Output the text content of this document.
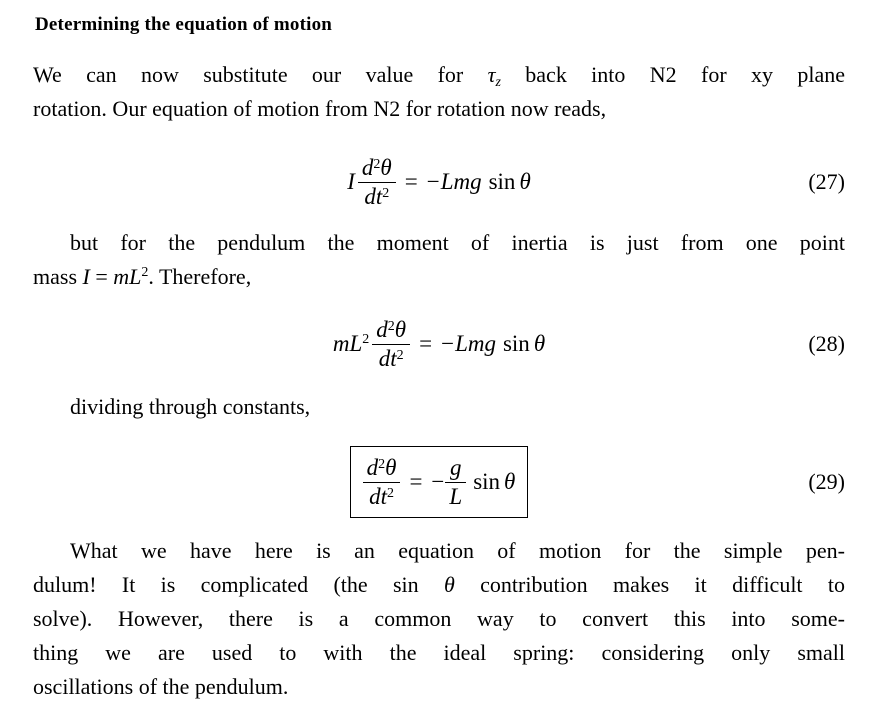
Determining the equation of motion
We can now substitute our value for $\tau_z$ back into N2 for xy plane
rotation. Our equation of motion from N2 for rotation now reads,
I $\frac{d^2\theta}{dt^2} = -Lmg$ sin θ	(27)
but for the pendulum the moment of inertia is just from one point
mass $I = mL^2$. Therefore,
$mL^2 \frac{d^2\theta}{dt^2} = -Lmg$ sin θ	(28)
dividing through constants,
$\frac{d^2\theta}{dt^2}$ = − $\frac{g}{L}$ sin θ	(29)
What we have here is an equation of motion for the simple pen-
dulum! It is complicated (the sin θ contribution makes it difficult to
solve). However, there is a common way to convert this into some-
thing we are used to with the ideal spring: considering only small
oscillations of the pendulum.
